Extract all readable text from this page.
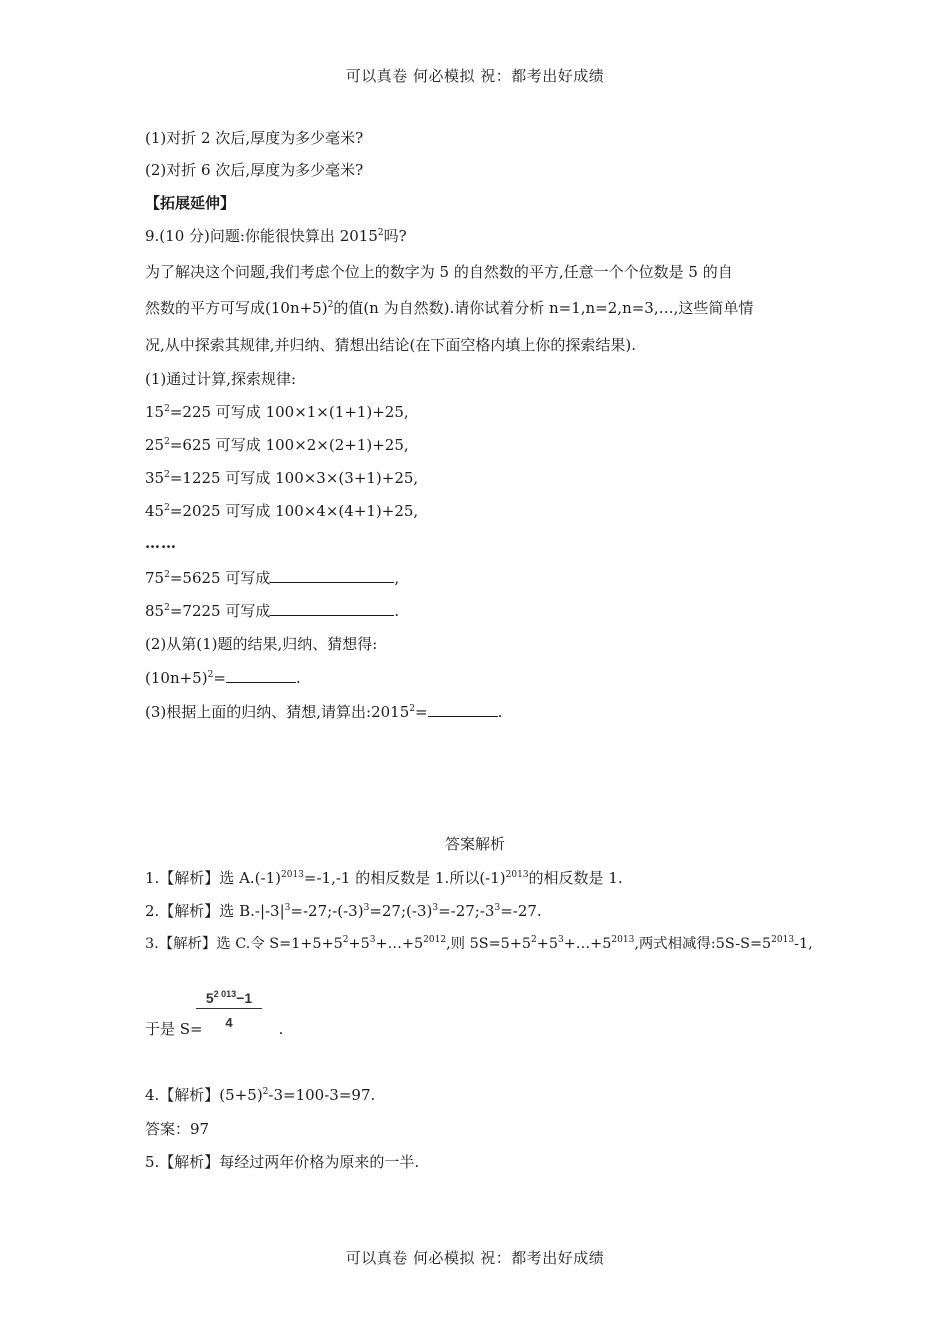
可以真卷 何必模拟 祝：都考出好成绩
(1)对折 2 次后,厚度为多少毫米?
(2)对折 6 次后,厚度为多少毫米?
【拓展延伸】
9.(10 分)问题:你能很快算出 2015$^2$吗?
为了解决这个问题,我们考虑个位上的数字为 5 的自然数的平方,任意一个个位数是 5 的自
然数的平方可写成$(10n+5)^2$的值(n 为自然数).请你试着分析 n=1,n=2,n=3,…,这些简单情
况,从中探索其规律,并归纳、猜想出结论(在下面空格内填上你的探索结果).
(1)通过计算,探索规律:
$15^2=225$ 可写成 100×1×(1+1)+25,
$25^2=625$ 可写成 100×2×(2+1)+25,
$35^2=1225$ 可写成 100×3×(3+1)+25,
$45^2=2025$ 可写成 100×4×(4+1)+25,
……
$75^2=5625$ 可写成	,
$85^2=7225$ 可写成	.
(2)从第(1)题的结果,归纳、猜想得:
$(10n+5)^2=$	.
(3)根据上面的归纳、猜想,请算出$:2015^2=$	.
答案解析
1.【解析】选 $A.(-1)^{2013}=-1,-1$ 的相反数是 1.所以$(-1)^{2013}$的相反数是 1.
2.【解析】选 $B.-|-3|^3=-27;-(-3)^3=27;(-3)^3=-27;-3^3=-27$.
3.【解析】选 C.令 $S=1+5+5^2+5^3+\dots+5^{2012}$,则 $5S=5+5^2+5^3+\dots+5^{2013}$,两式相减得$:5S-S=5^{2013}-1$,
$\frac{5^{2 013}-1}{4}$
于是 S=	.
4.【解析】$(5+5)^2-3=100-3=97$.
答案：97
5.【解析】每经过两年价格为原来的一半.
可以真卷 何必模拟 祝：都考出好成绩
